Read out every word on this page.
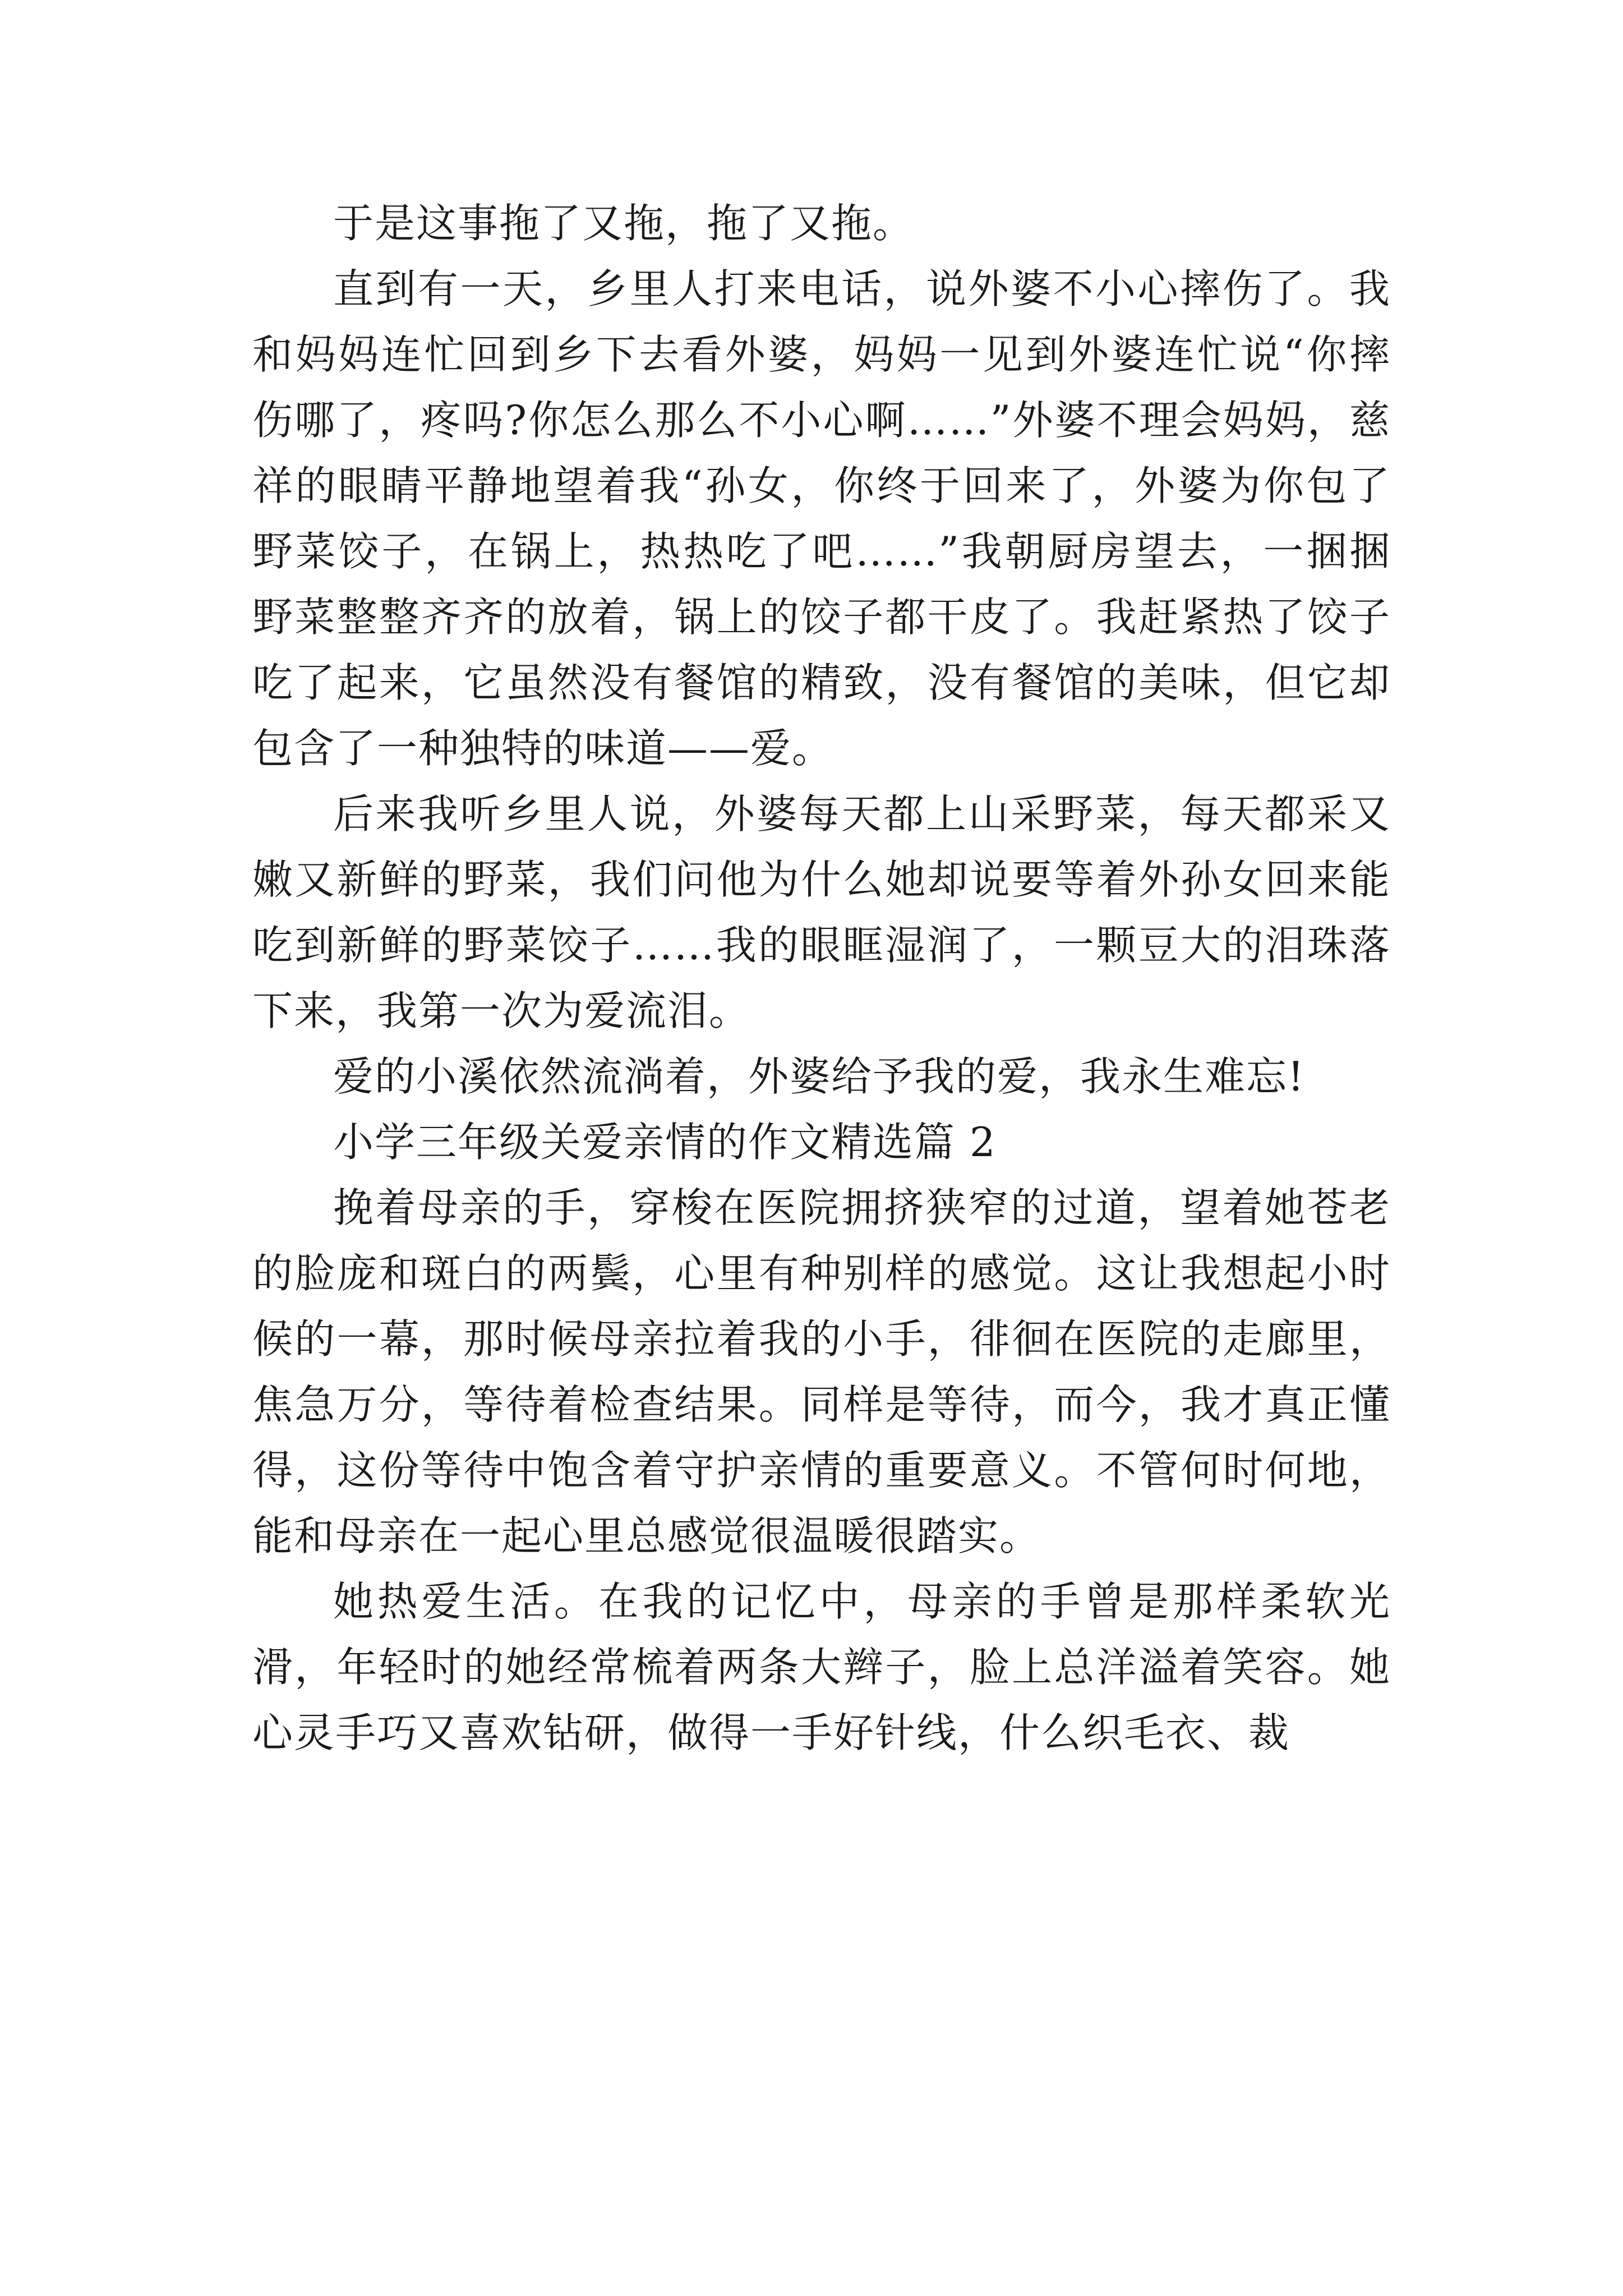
于是这事拖了又拖，拖了又拖。

直到有一天，乡里人打来电话，说外婆不小心摔伤了。我和妈妈连忙回到乡下去看外婆，妈妈一见到外婆连忙说“你摔伤哪了，疼吗?你怎么那么不小心啊……”外婆不理会妈妈，慈祥的眼睛平静地望着我“孙女，你终于回来了，外婆为你包了野菜饺子，在锅上，热热吃了吧……”我朝厨房望去，一捆捆野菜整整齐齐的放着，锅上的饺子都干皮了。我赶紧热了饺子吃了起来，它虽然没有餐馆的精致，没有餐馆的美味，但它却包含了一种独特的味道——爱。

后来我听乡里人说，外婆每天都上山采野菜，每天都采又嫩又新鲜的野菜，我们问他为什么她却说要等着外孙女回来能吃到新鲜的野菜饺子……我的眼眶湿润了，一颗豆大的泪珠落下来，我第一次为爱流泪。

爱的小溪依然流淌着，外婆给予我的爱，我永生难忘!

小学三年级关爱亲情的作文精选篇 2

挽着母亲的手，穿梭在医院拥挤狭窄的过道，望着她苍老的脸庞和斑白的两鬓，心里有种别样的感觉。这让我想起小时候的一幕，那时候母亲拉着我的小手，徘徊在医院的走廊里，焦急万分，等待着检查结果。同样是等待，而今，我才真正懂得，这份等待中饱含着守护亲情的重要意义。不管何时何地，能和母亲在一起心里总感觉很温暖很踏实。

她热爱生活。在我的记忆中，母亲的手曾是那样柔软光滑，年轻时的她经常梳着两条大辫子，脸上总洋溢着笑容。她心灵手巧又喜欢钻研，做得一手好针线，什么织毛衣、裁
